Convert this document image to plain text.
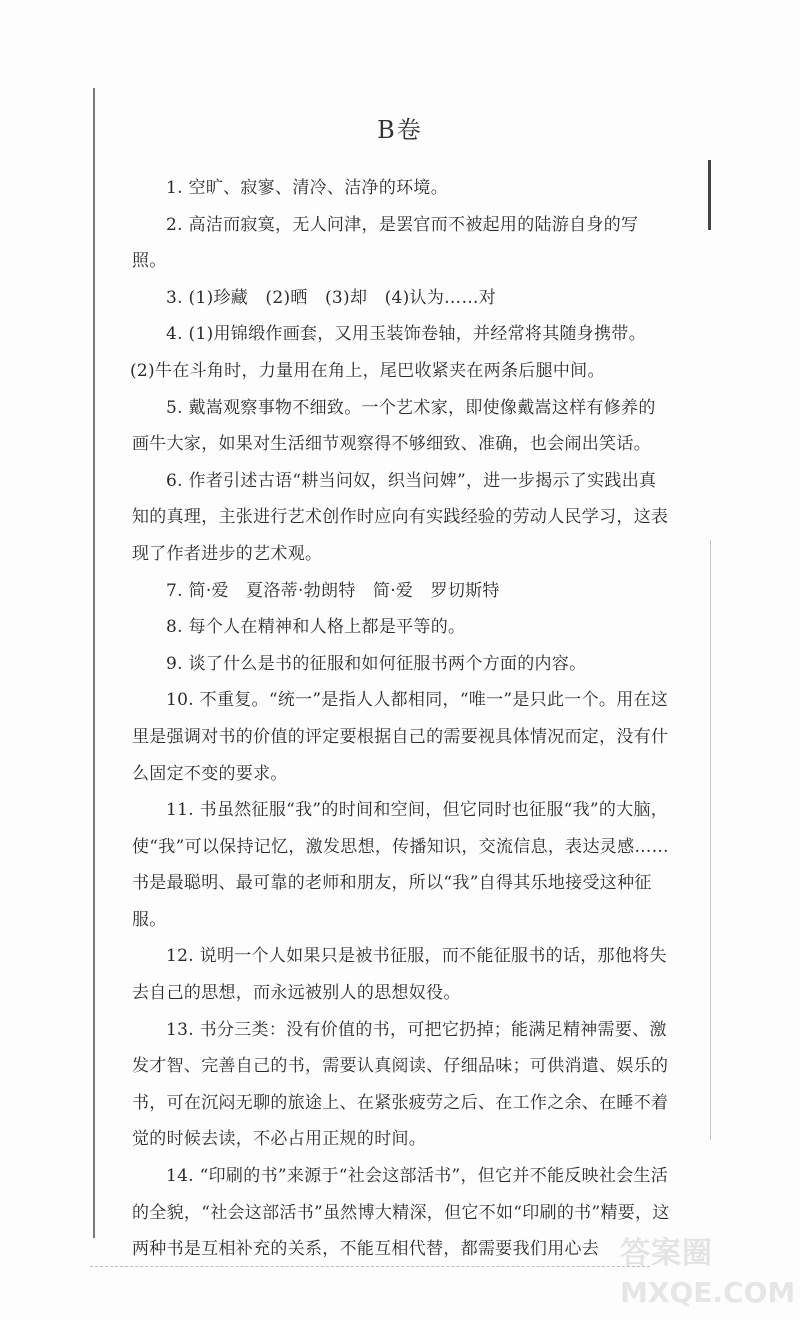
B卷

1. 空旷、寂寥、清冷、洁净的环境。

2. 高洁而寂寞，无人问津，是罢官而不被起用的陆游自身的写照。

3. (1)珍藏　(2)晒　(3)却　(4)认为……对

4. (1)用锦缎作画套，又用玉装饰卷轴，并经常将其随身携带。

(2)牛在斗角时，力量用在角上，尾巴收紧夹在两条后腿中间。

5. 戴嵩观察事物不细致。一个艺术家，即使像戴嵩这样有修养的画牛大家，如果对生活细节观察得不够细致、准确，也会闹出笑话。

6. 作者引述古语“耕当问奴，织当问婢”，进一步揭示了实践出真知的真理，主张进行艺术创作时应向有实践经验的劳动人民学习，这表现了作者进步的艺术观。

7. 简·爱　夏洛蒂·勃朗特　简·爱　罗切斯特

8. 每个人在精神和人格上都是平等的。

9. 谈了什么是书的征服和如何征服书两个方面的内容。

10. 不重复。“统一”是指人人都相同，“唯一”是只此一个。用在这里是强调对书的价值的评定要根据自己的需要视具体情况而定，没有什么固定不变的要求。

11. 书虽然征服“我”的时间和空间，但它同时也征服“我”的大脑，使“我”可以保持记忆，激发思想，传播知识，交流信息，表达灵感……书是最聪明、最可靠的老师和朋友，所以“我”自得其乐地接受这种征服。

12. 说明一个人如果只是被书征服，而不能征服书的话，那他将失去自己的思想，而永远被别人的思想奴役。

13. 书分三类：没有价值的书，可把它扔掉；能满足精神需要、激发才智、完善自己的书，需要认真阅读、仔细品味；可供消遣、娱乐的书，可在沉闷无聊的旅途上、在紧张疲劳之后、在工作之余、在睡不着觉的时候去读，不必占用正规的时间。

14. “印刷的书”来源于“社会这部活书”，但它并不能反映社会生活的全貌，“社会这部活书”虽然博大精深，但它不如“印刷的书”精要，这两种书是互相补充的关系，不能互相代替，都需要我们用心去 答案圈
MXQE.COM
